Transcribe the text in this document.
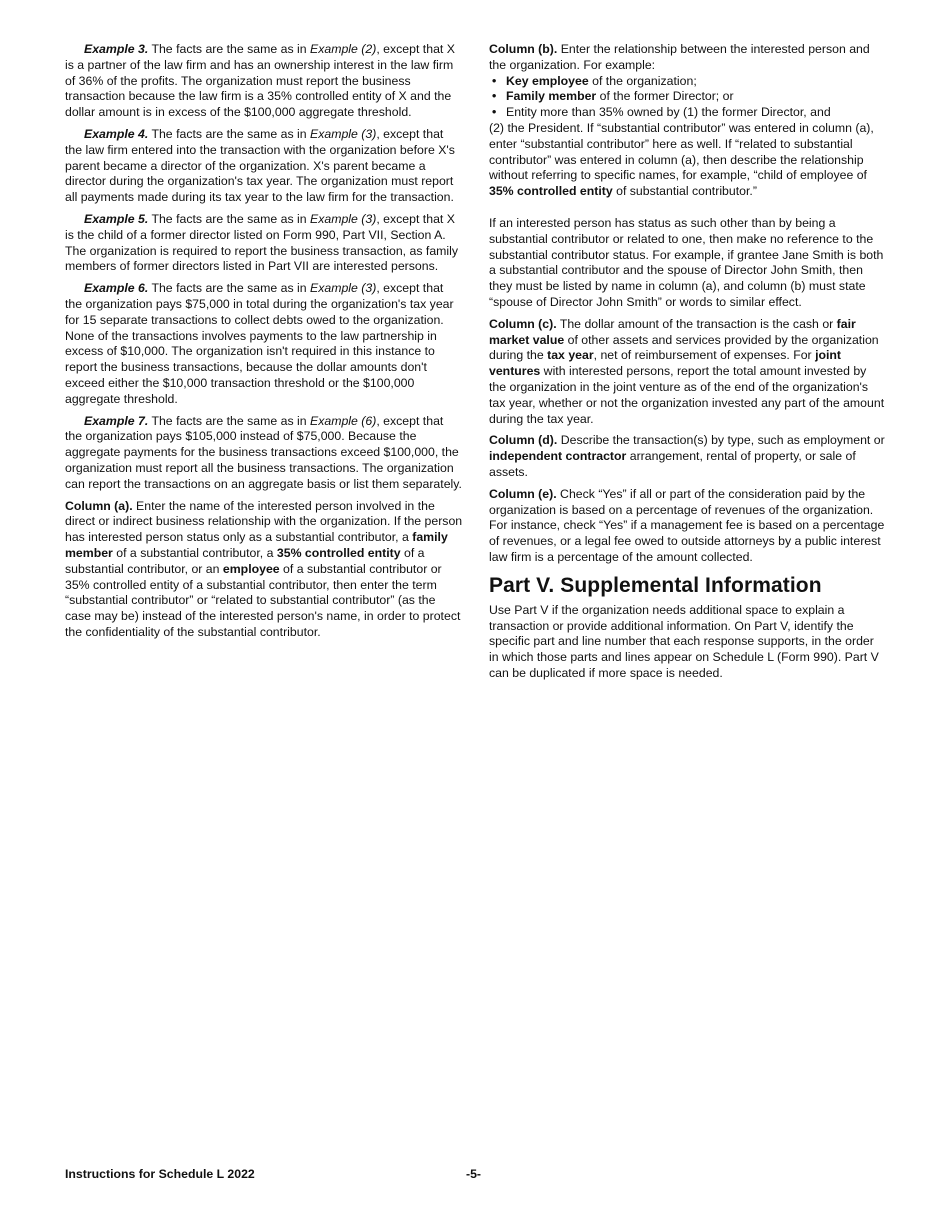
Example 3. The facts are the same as in Example (2), except that X is a partner of the law firm and has an ownership interest in the law firm of 36% of the profits. The organization must report the business transaction because the law firm is a 35% controlled entity of X and the dollar amount is in excess of the $100,000 aggregate threshold.

Example 4. The facts are the same as in Example (3), except that the law firm entered into the transaction with the organization before X's parent became a director of the organization. X's parent became a director during the organization's tax year. The organization must report all payments made during its tax year to the law firm for the transaction.

Example 5. The facts are the same as in Example (3), except that X is the child of a former director listed on Form 990, Part VII, Section A. The organization is required to report the business transaction, as family members of former directors listed in Part VII are interested persons.

Example 6. The facts are the same as in Example (3), except that the organization pays $75,000 in total during the organization's tax year for 15 separate transactions to collect debts owed to the organization. None of the transactions involves payments to the law partnership in excess of $10,000. The organization isn't required in this instance to report the business transactions, because the dollar amounts don't exceed either the $10,000 transaction threshold or the $100,000 aggregate threshold.

Example 7. The facts are the same as in Example (6), except that the organization pays $105,000 instead of $75,000. Because the aggregate payments for the business transactions exceed $100,000, the organization must report all the business transactions. The organization can report the transactions on an aggregate basis or list them separately.

Column (a). Enter the name of the interested person involved in the direct or indirect business relationship with the organization. If the person has interested person status only as a substantial contributor, a family member of a substantial contributor, a 35% controlled entity of a substantial contributor, or an employee of a substantial contributor or 35% controlled entity of a substantial contributor, then enter the term “substantial contributor” or “related to substantial contributor” (as the case may be) instead of the interested person's name, in order to protect the confidentiality of the substantial contributor.

Column (b). Enter the relationship between the interested person and the organization. For example:
• Key employee of the organization;
• Family member of the former Director; or
• Entity more than 35% owned by (1) the former Director, and

(2) the President. If “substantial contributor” was entered in column (a), enter “substantial contributor” here as well. If “related to substantial contributor” was entered in column (a), then describe the relationship without referring to specific names, for example, “child of employee of 35% controlled entity of substantial contributor.”

If an interested person has status as such other than by being a substantial contributor or related to one, then make no reference to the substantial contributor status. For example, if grantee Jane Smith is both a substantial contributor and the spouse of Director John Smith, then they must be listed by name in column (a), and column (b) must state “spouse of Director John Smith” or words to similar effect.

Column (c). The dollar amount of the transaction is the cash or fair market value of other assets and services provided by the organization during the tax year, net of reimbursement of expenses. For joint ventures with interested persons, report the total amount invested by the organization in the joint venture as of the end of the organization's tax year, whether or not the organization invested any part of the amount during the tax year.

Column (d). Describe the transaction(s) by type, such as employment or independent contractor arrangement, rental of property, or sale of assets.

Column (e). Check “Yes” if all or part of the consideration paid by the organization is based on a percentage of revenues of the organization. For instance, check “Yes” if a management fee is based on a percentage of revenues, or a legal fee owed to outside attorneys by a public interest law firm is a percentage of the amount collected.

Part V. Supplemental Information

Use Part V if the organization needs additional space to explain a transaction or provide additional information. On Part V, identify the specific part and line number that each response supports, in the order in which those parts and lines appear on Schedule L (Form 990). Part V can be duplicated if more space is needed.

Instructions for Schedule L 2022	-5-
